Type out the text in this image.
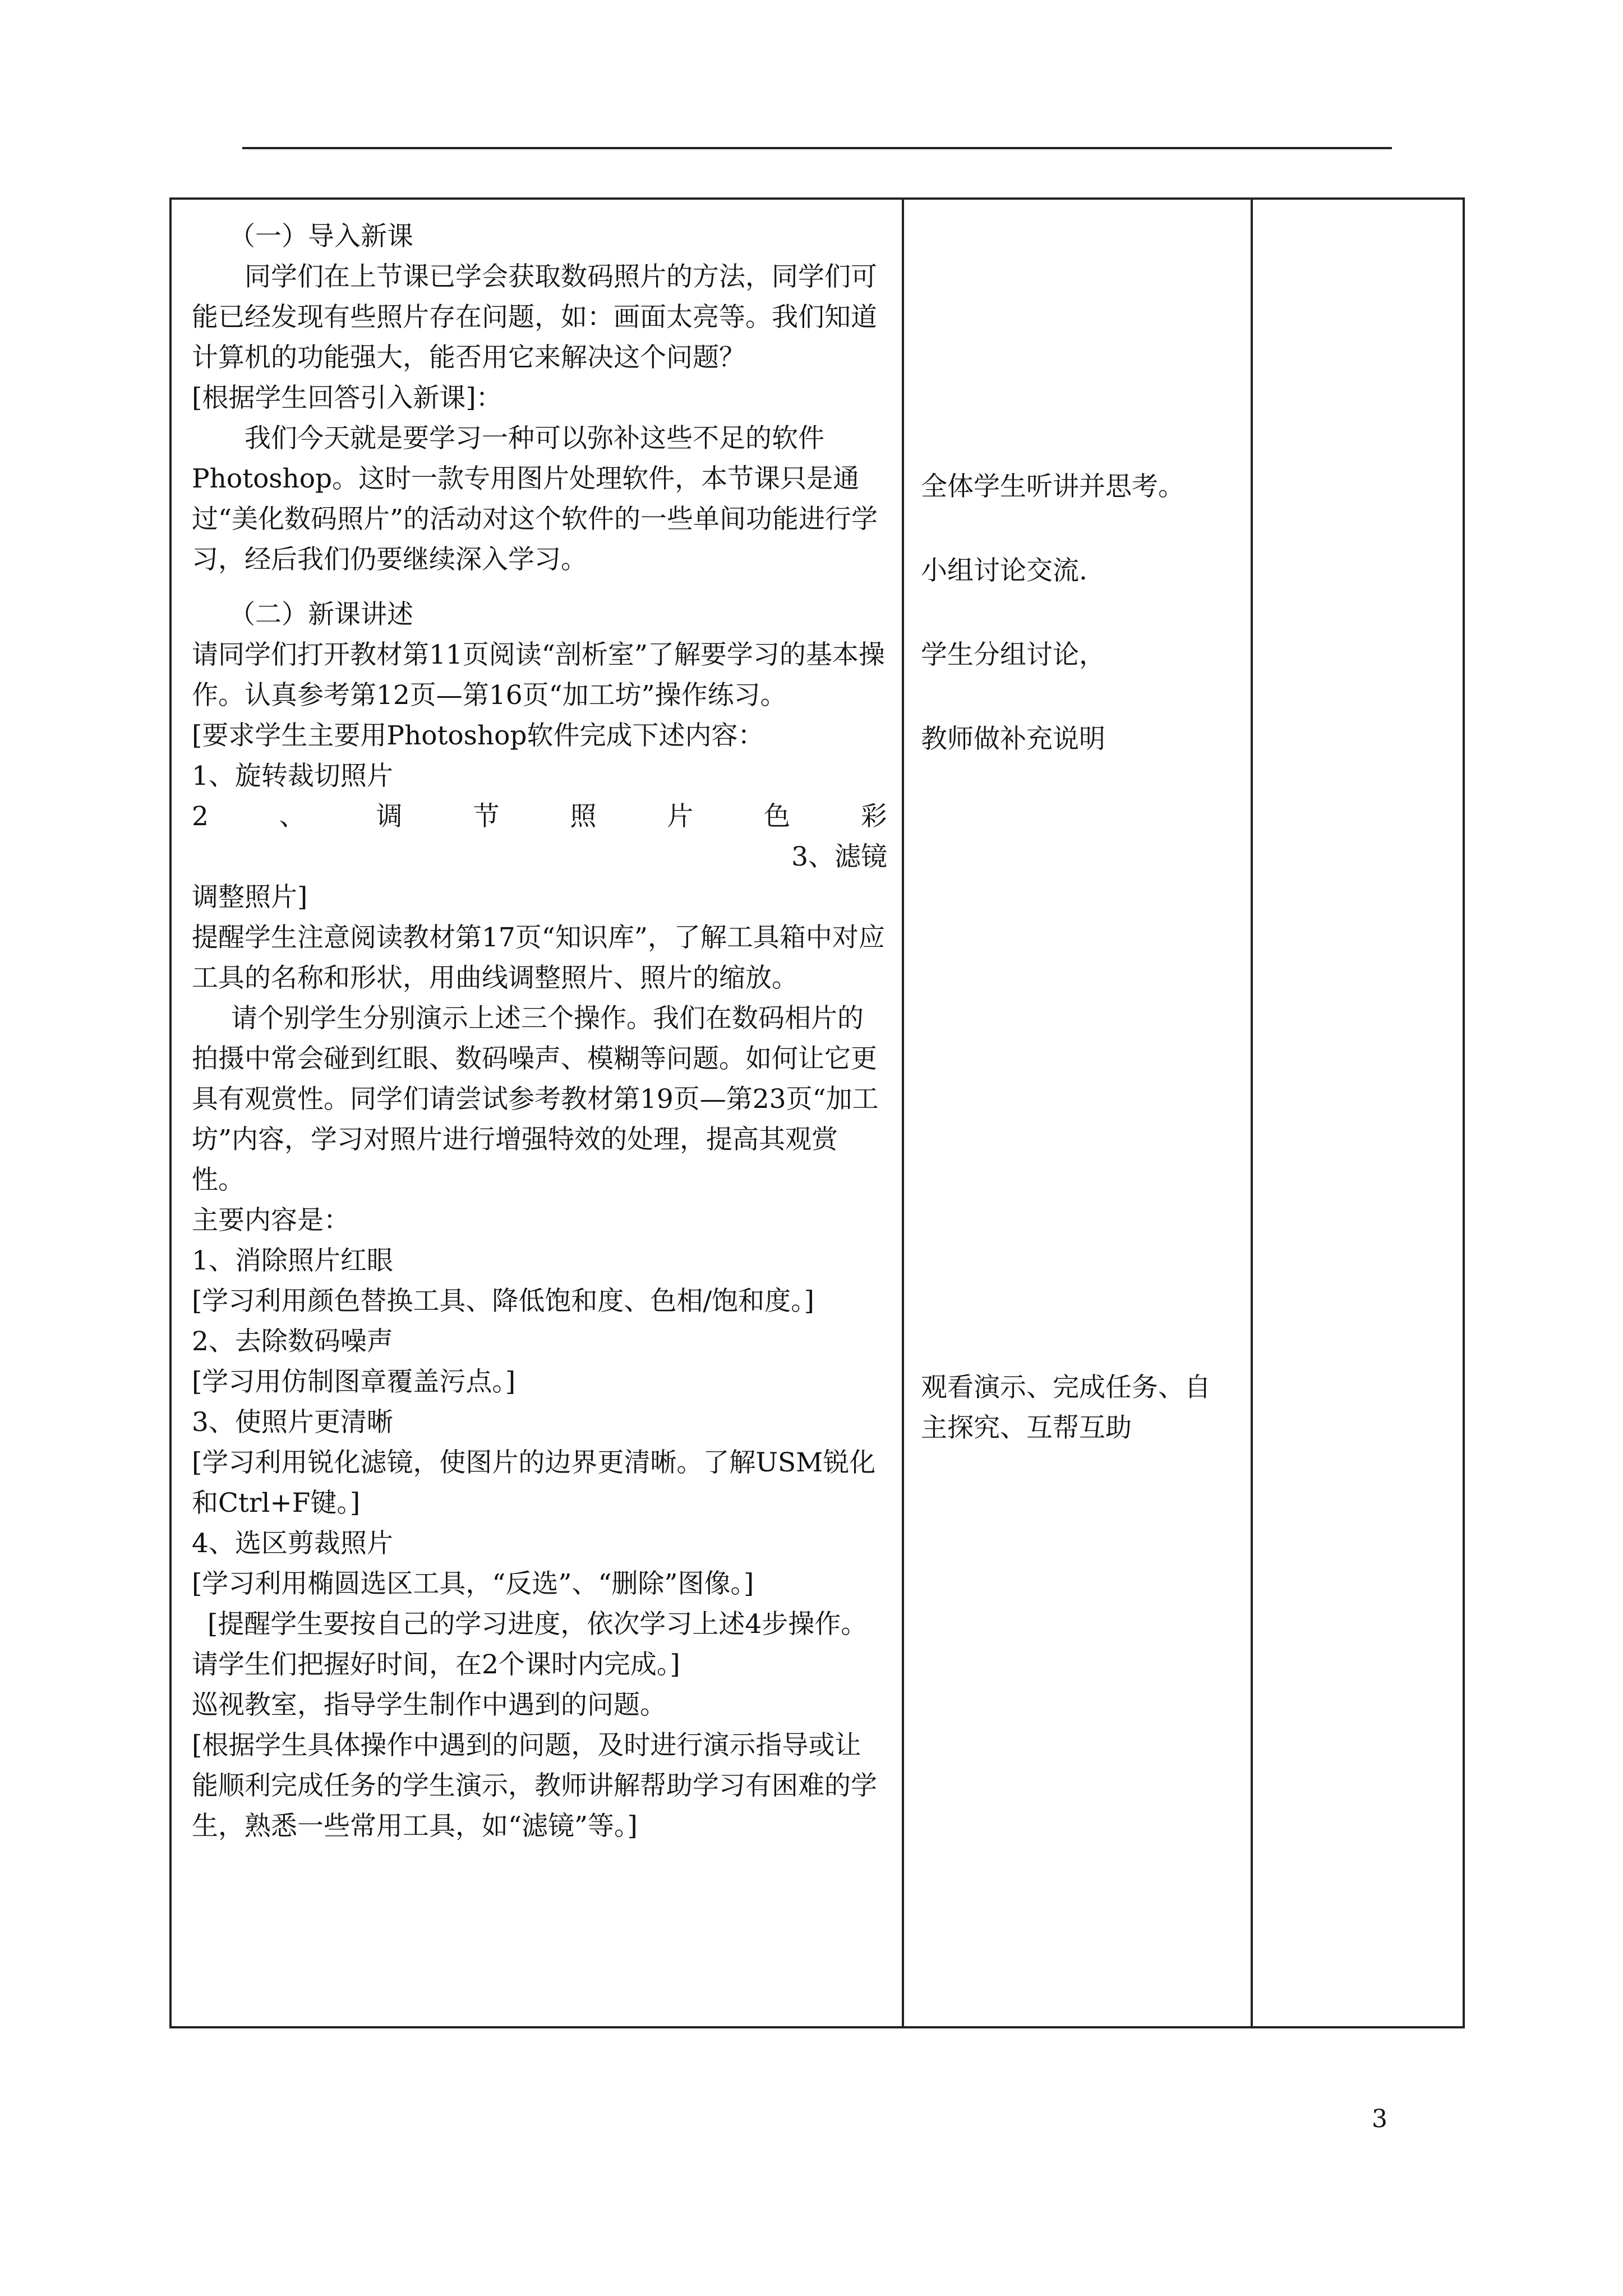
（一）导入新课

同学们在上节课已学会获取数码照片的方法，同学们可能已经发现有些照片存在问题，如：画面太亮等。我们知道计算机的功能强大，能否用它来解决这个问题？

[根据学生回答引入新课]：

我们今天就是要学习一种可以弥补这些不足的软件Photoshop。这时一款专用图片处理软件，本节课只是通过“美化数码照片”的活动对这个软件的一些单间功能进行学习，经后我们仍要继续深入学习。

（二）新课讲述

请同学们打开教材第11页阅读“剖析室”了解要学习的基本操作。认真参考第12页—第16页“加工坊”操作练习。

[要求学生主要用Photoshop软件完成下述内容：

1、旋转裁切照片

2	、	调	节	照	片	色	彩

3、滤镜

调整照片]

提醒学生注意阅读教材第17页“知识库”，了解工具箱中对应工具的名称和形状，用曲线调整照片、照片的缩放。

请个别学生分别演示上述三个操作。我们在数码相片的拍摄中常会碰到红眼、数码噪声、模糊等问题。如何让它更具有观赏性。同学们请尝试参考教材第19页—第23页“加工坊”内容，学习对照片进行增强特效的处理，提高其观赏性。

主要内容是：

1、消除照片红眼

[学习利用颜色替换工具、降低饱和度、色相/饱和度。]

2、去除数码噪声

[学习用仿制图章覆盖污点。]

3、使照片更清晰

[学习利用锐化滤镜，使图片的边界更清晰。了解USM锐化和Ctrl+F键。]

4、选区剪裁照片

[学习利用椭圆选区工具，“反选”、“删除”图像。]

[提醒学生要按自己的学习进度，依次学习上述4步操作。请学生们把握好时间，在2个课时内完成。]

巡视教室，指导学生制作中遇到的问题。

[根据学生具体操作中遇到的问题，及时进行演示指导或让能顺利完成任务的学生演示，教师讲解帮助学习有困难的学生，熟悉一些常用工具，如“滤镜”等。]

全体学生听讲并思考。
小组讨论交流.
学生分组讨论，
教师做补充说明
观看演示、完成任务、自主探究、互帮互助
3
